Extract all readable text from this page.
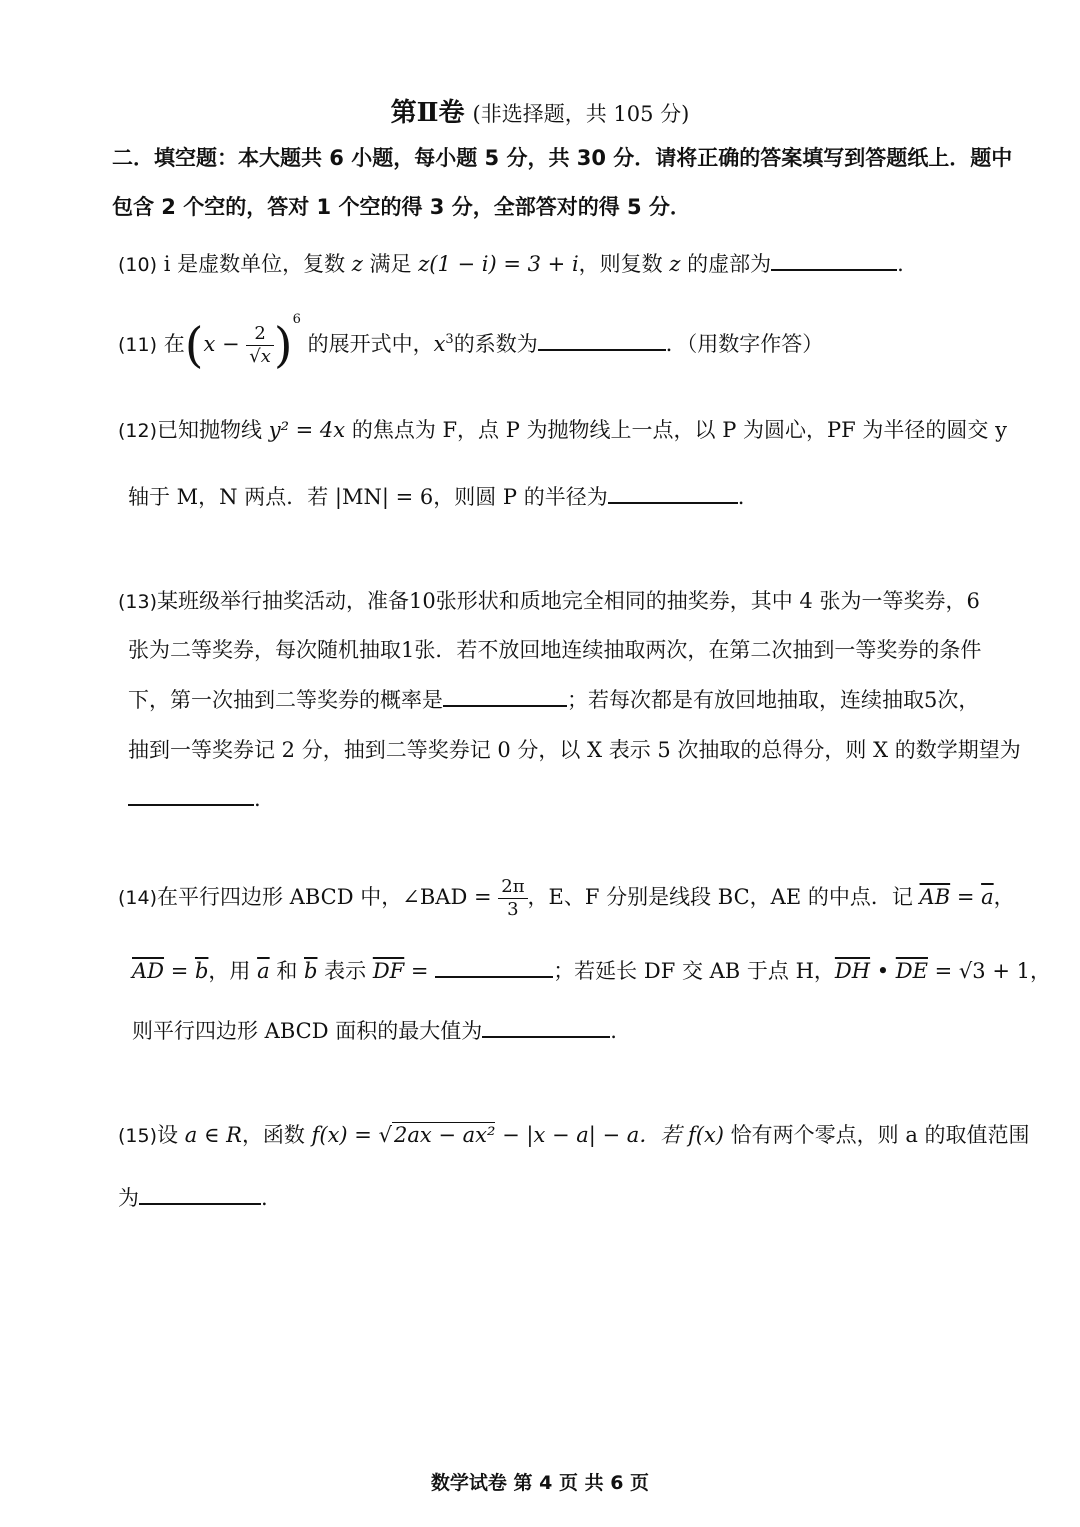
第Ⅱ卷 (非选择题，共 105 分)
二．填空题：本大题共 6 小题，每小题 5 分，共 30 分．请将正确的答案填写到答题纸上．题中
包含 2 个空的，答对 1 个空的得 3 分，全部答对的得 5 分．
(10) i 是虚数单位，复数 z 满足 z(1 − i) = 3 + i，则复数 z 的虚部为	.
(11) 在$(x - \frac{2}{√x} )^6$ 的展开式中，$x^3$的系数为	．（用数字作答）
(12)已知抛物线 y² = 4x 的焦点为 F，点 P 为抛物线上一点，以 P 为圆心，PF 为半径的圆交 y
轴于 M，N 两点．若 |MN| = 6，则圆 P 的半径为	.
(13)某班级举行抽奖活动，准备10张形状和质地完全相同的抽奖券，其中 4 张为一等奖券，6
张为二等奖券，每次随机抽取1张．若不放回地连续抽取两次，在第二次抽到一等奖券的条件
下，第一次抽到二等奖券的概率是	；若每次都是有放回地抽取，连续抽取5次，
抽到一等奖券记 2 分，抽到二等奖券记 0 分，以 X 表示 5 次抽取的总得分，则 X 的数学期望为
.
(14)在平行四边形 ABCD 中，∠BAD = $\frac{2\pi}{3}$ ，E、F 分别是线段 BC，AE 的中点．记 $\overline{AB} = \overline{a}$，
$\overline{AD} = \overline{b}$，用 $\overline{a}$ 和 $\overline{b}$ 表示 $\overline{DF}$ =	；若延长 DF 交 AB 于点 H，$\overline{DH}$ • $\overline{DE} = √3 + 1$，
则平行四边形 ABCD 面积的最大值为	.
(15)设 a ∈ R，函数 f(x) = √2ax − ax² − |x − a| − a．若 f(x) 恰有两个零点，则 a 的取值范围
为	.
数学试卷 第 4 页 共 6 页
